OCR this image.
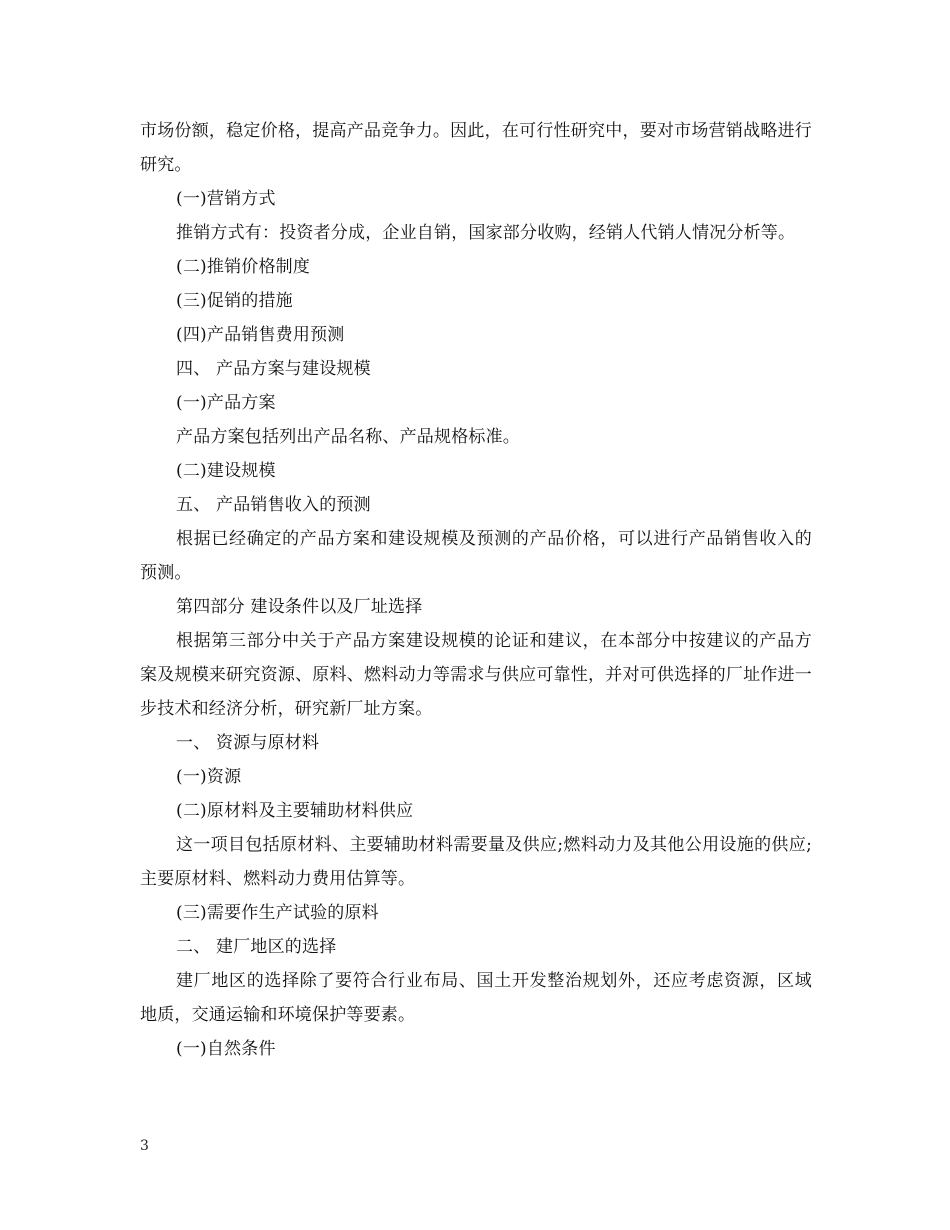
市场份额，稳定价格，提高产品竞争力。因此，在可行性研究中，要对市场营销战略进行研究。

(一)营销方式

推销方式有：投资者分成，企业自销，国家部分收购，经销人代销人情况分析等。

(二)推销价格制度

(三)促销的措施

(四)产品销售费用预测

四、 产品方案与建设规模

(一)产品方案

产品方案包括列出产品名称、产品规格标准。

(二)建设规模

五、 产品销售收入的预测

根据已经确定的产品方案和建设规模及预测的产品价格，可以进行产品销售收入的预测。

第四部分 建设条件以及厂址选择

根据第三部分中关于产品方案建设规模的论证和建议，在本部分中按建议的产品方案及规模来研究资源、原料、燃料动力等需求与供应可靠性，并对可供选择的厂址作进一步技术和经济分析，研究新厂址方案。

一、 资源与原材料

(一)资源

(二)原材料及主要辅助材料供应

这一项目包括原材料、主要辅助材料需要量及供应;燃料动力及其他公用设施的供应;主要原材料、燃料动力费用估算等。

(三)需要作生产试验的原料

二、 建厂地区的选择

建厂地区的选择除了要符合行业布局、国土开发整治规划外，还应考虑资源，区域地质，交通运输和环境保护等要素。

(一)自然条件

3
